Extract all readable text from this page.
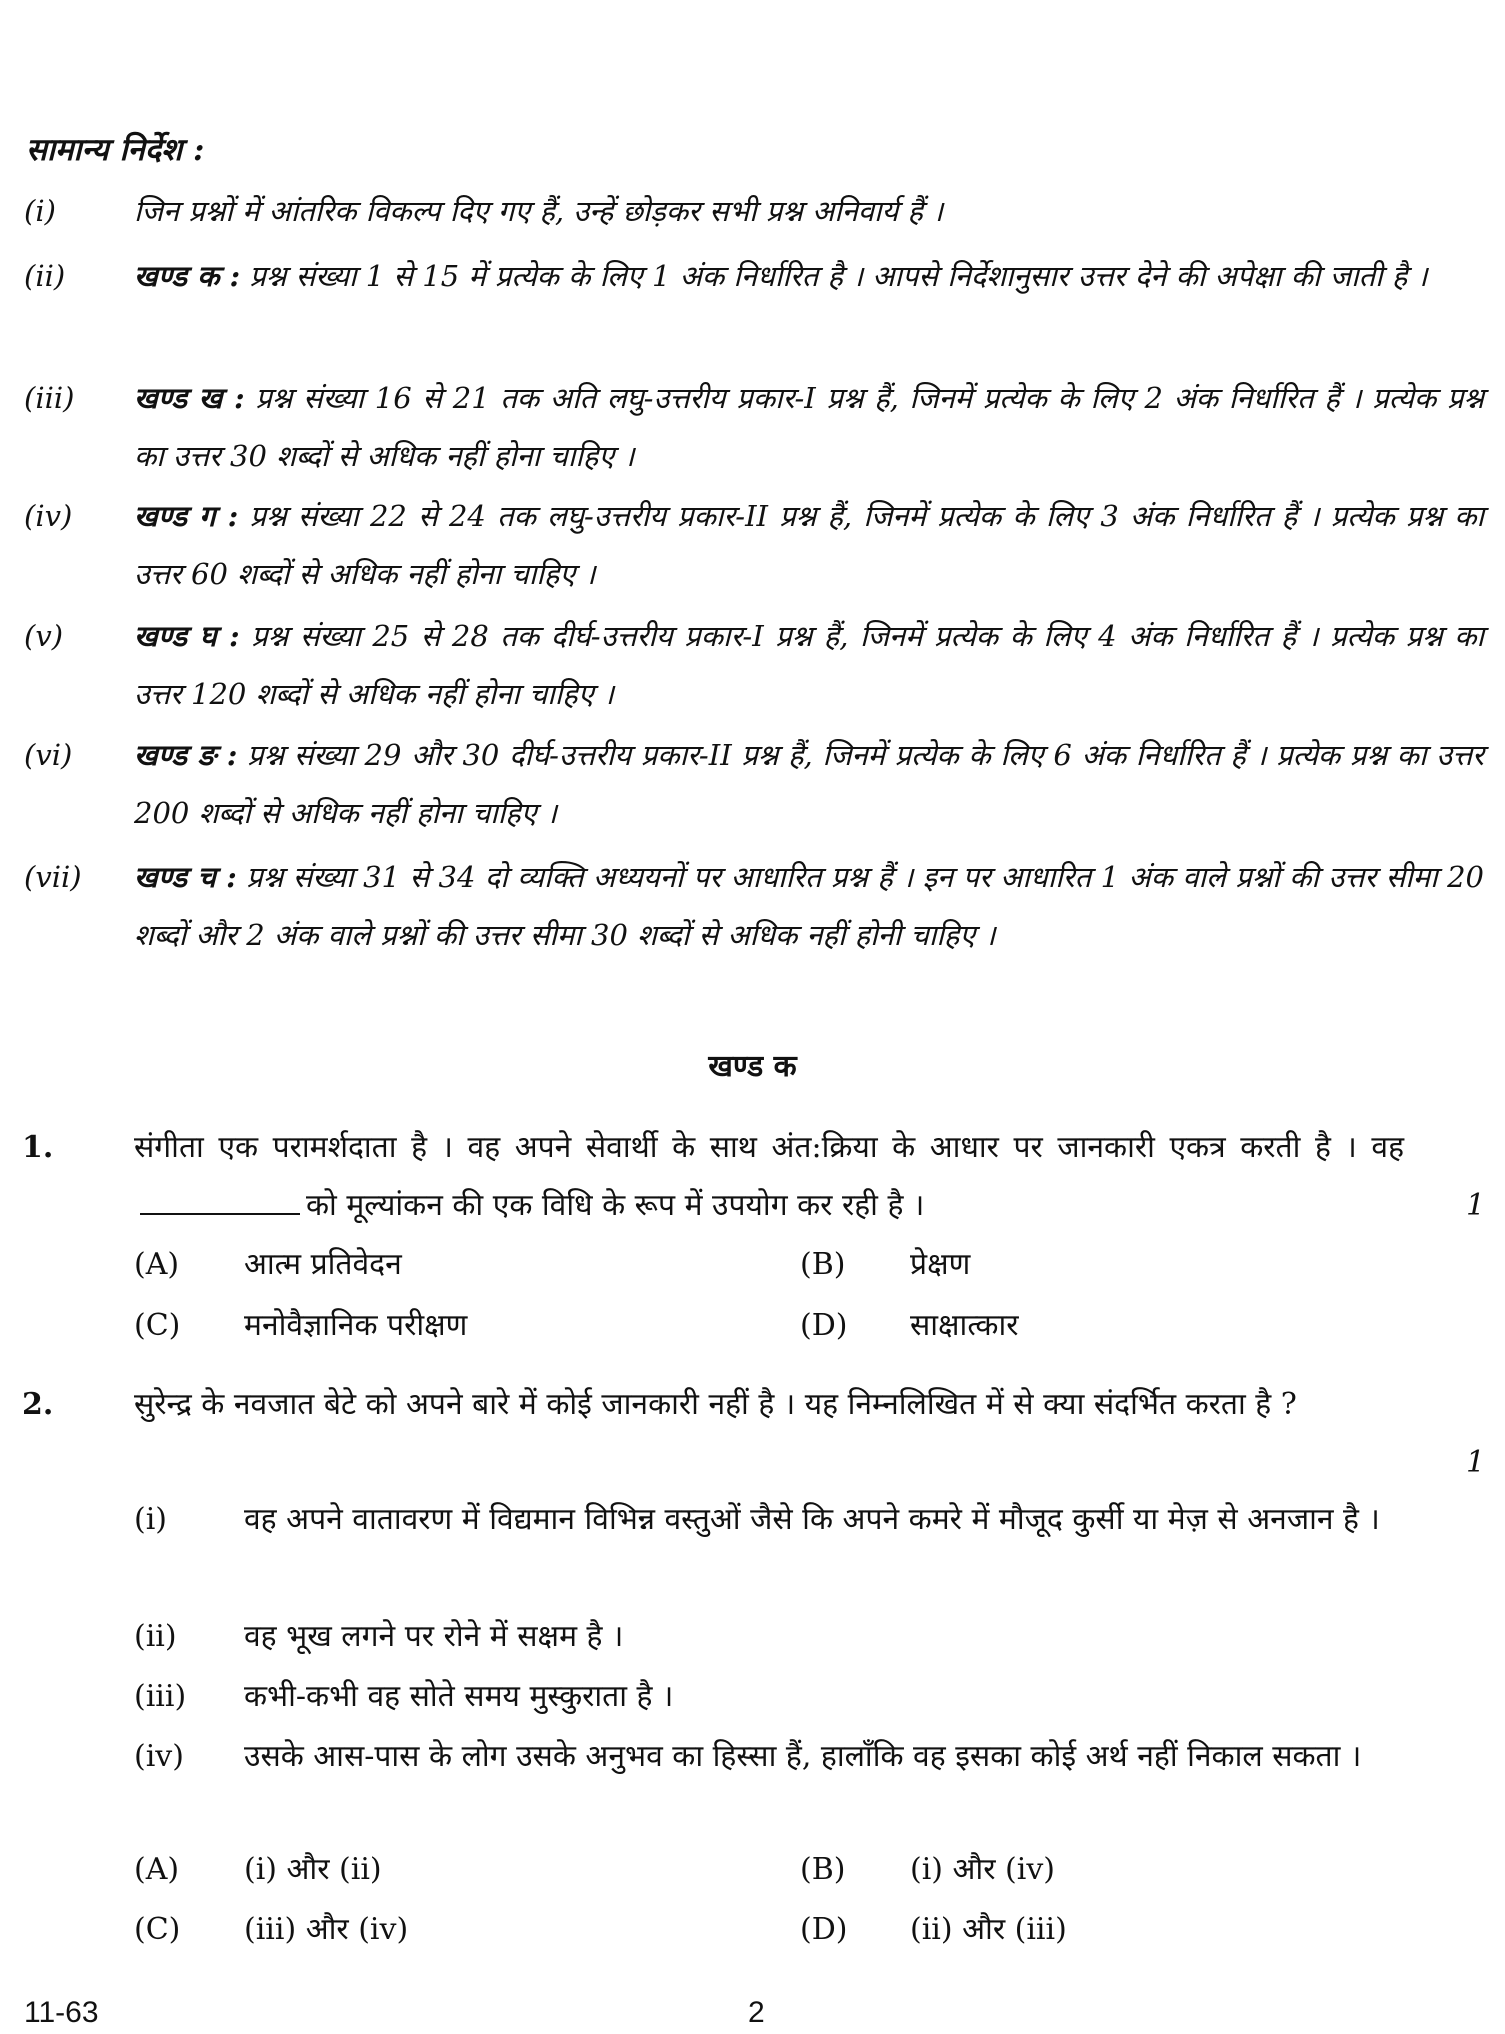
सामान्य निर्देश :
(i)	जिन प्रश्नों में आंतरिक विकल्प दिए गए हैं, उन्हें छोड़कर सभी प्रश्न अनिवार्य हैं ।
(ii) खण्ड क : प्रश्न संख्या 1 से 15 में प्रत्येक के लिए 1 अंक निर्धारित है । आपसे निर्देशानुसार उत्तर देने की अपेक्षा की जाती है ।
(iii) खण्ड ख : प्रश्न संख्या 16 से 21 तक अति लघु-उत्तरीय प्रकार-I प्रश्न हैं, जिनमें प्रत्येक के लिए 2 अंक निर्धारित हैं । प्रत्येक प्रश्न का उत्तर 30 शब्दों से अधिक नहीं होना चाहिए ।
(iv) खण्ड ग : प्रश्न संख्या 22 से 24 तक लघु-उत्तरीय प्रकार-II प्रश्न हैं, जिनमें प्रत्येक के लिए 3 अंक निर्धारित हैं । प्रत्येक प्रश्न का उत्तर 60 शब्दों से अधिक नहीं होना चाहिए ।
(v) खण्ड घ : प्रश्न संख्या 25 से 28 तक दीर्घ-उत्तरीय प्रकार-I प्रश्न हैं, जिनमें प्रत्येक के लिए 4 अंक निर्धारित हैं । प्रत्येक प्रश्न का उत्तर 120 शब्दों से अधिक नहीं होना चाहिए ।
(vi) खण्ड ङ : प्रश्न संख्या 29 और 30 दीर्घ-उत्तरीय प्रकार-II प्रश्न हैं, जिनमें प्रत्येक के लिए 6 अंक निर्धारित हैं । प्रत्येक प्रश्न का उत्तर 200 शब्दों से अधिक नहीं होना चाहिए ।
(vii) खण्ड च : प्रश्न संख्या 31 से 34 दो व्यक्ति अध्ययनों पर आधारित प्रश्न हैं । इन पर आधारित 1 अंक वाले प्रश्नों की उत्तर सीमा 20 शब्दों और 2 अंक वाले प्रश्नों की उत्तर सीमा 30 शब्दों से अधिक नहीं होनी चाहिए ।
खण्ड क
1.	संगीता एक परामर्शदाता है । वह अपने सेवार्थी के साथ अंत:क्रिया के आधार पर जानकारी एकत्र करती है । वहको मूल्यांकन की एक विधि के रूप में उपयोग कर रही है ।	1
(A) आत्म प्रतिवेदन	(B) प्रेक्षण
(C) मनोवैज्ञानिक परीक्षण	(D) साक्षात्कार
2.	सुरेन्द्र के नवजात बेटे को अपने बारे में कोई जानकारी नहीं है । यह निम्नलिखित में से क्या संदर्भित करता है ?
1
(i)	वह अपने वातावरण में विद्यमान विभिन्न वस्तुओं जैसे कि अपने कमरे में मौजूद कुर्सी या मेज़ से अनजान है ।
(ii) वह भूख लगने पर रोने में सक्षम है ।
(iii) कभी-कभी वह सोते समय मुस्कुराता है ।
(iv) उसके आस-पास के लोग उसके अनुभव का हिस्सा हैं, हालाँकि वह इसका कोई अर्थ नहीं निकाल सकता ।
(A) (i) और (ii)	(B) (i) और (iv)
(C) (iii) और (iv)	(D) (ii) और (iii)
11-63	2
